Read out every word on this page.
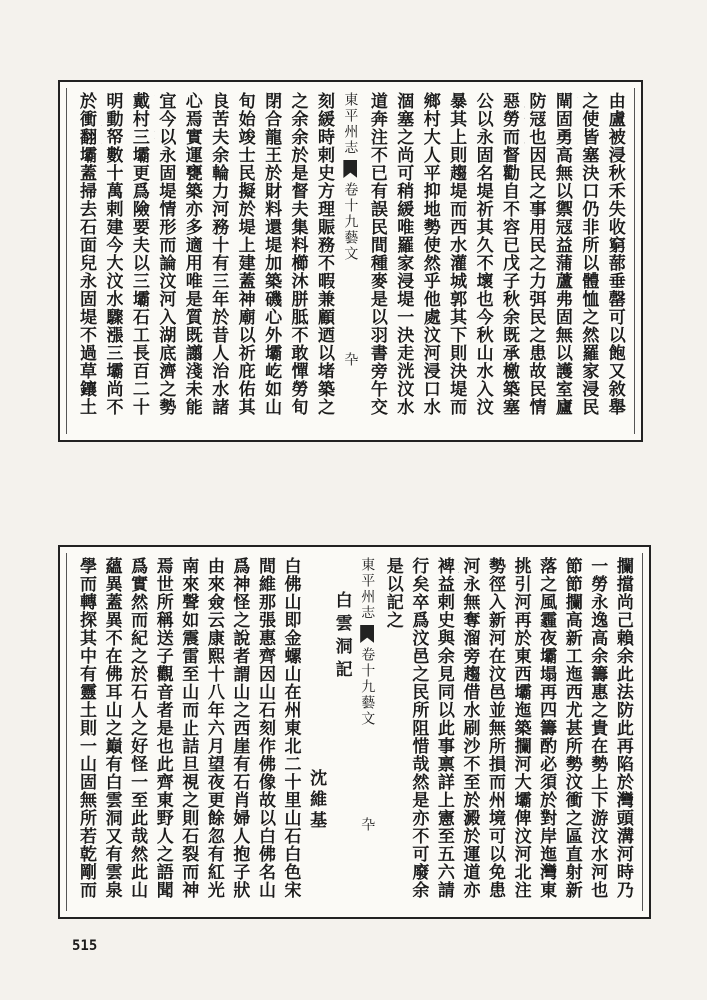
由盧被浸秋禾失收窮蔀垂罄可以飽又敘舉
之使皆塞決口仍非所以體恤之然羅家浸民
閘固勇高無以禦冦益蒲蘆弗固無以護室廬
防冦也因民之事用民之力弭民之患故民情
惡勞而督勸自不容已戊子秋余既承檄築塞
公以永固名堤祈其久不壞也今秋山水入汶
暴其上則趨堤而西水灌城郭其下則決堤而
鄉村大人平抑地勢使然乎他處汶河浸口水
涸塞之尚可稍緩唯羅家浸堤一決走洸汶水
道奔注不已有誤民間種麥是以羽書旁午交
東平州志卷十九藝文卆
刻緩時剌史方理賑務不暇兼顧迺以堵築之
之余余於是督夫集料櫛沐胼胝不敢憚勞旬
閉合龍王於財料還堤加築磯心外壩屹如山
旬始竣士民擬於堤上建蓋神廟以祈庇佑其
良苦夫余輪力河務十有三年於昔人治水諸
心焉實運甕築亦多適用唯是質既譾淺未能
宜今以永固堤情形而論汶河入湖底濟之勢
戴村三壩更爲險要夫以三壩石工長百二十
明動帑數十萬剌建今大汶水驟漲三壩尚不
於衝翻壩蓋掃去石面兒永固堤不過草鑲土
攔擋尚己賴余此法防此再陷於灣頭溝河時乃
一勞永逸高余籌惠之貴在勢上下游汶水河也
節節攔高新工迤西尤甚所勢汶衝之區直射新
落之風霾夜壩塌再四籌酌必須於對岸迤灣東
挑引河再於東西壩迤築攔河大壩俾汶河北注
勢徑入新河在汶邑並無所損而州境可以免患
河永無奪溜旁趨借水刷沙不至於澱於運道亦
裨益剌史與余見同以此事禀詳上憲至五六請
行矣卒爲汶邑之民所阻惜哉然是亦不可廢余
是以記之
東平州志卷十九藝文卆
白雲洞記
沈維基
白佛山即金螺山在州東北二十里山石白色宋
間維那張惠齊因山石刻作佛像故以白佛名山
爲神怪之說者謂山之西崖有石肖婦人抱子狀
由來僉云康熙十八年六月望夜更餘忽有紅光
南來聲如震雷至山而止詰旦視之則石裂而神
焉世所稱送子觀音者是也此齊東野人之語聞
爲實然而紀之於石人之好怪一至此哉然此山
蘊異蓋異不在佛耳山之巔有白雲洞又有雲泉
學而轉探其中有靈土則一山固無所若乾剛而
515
